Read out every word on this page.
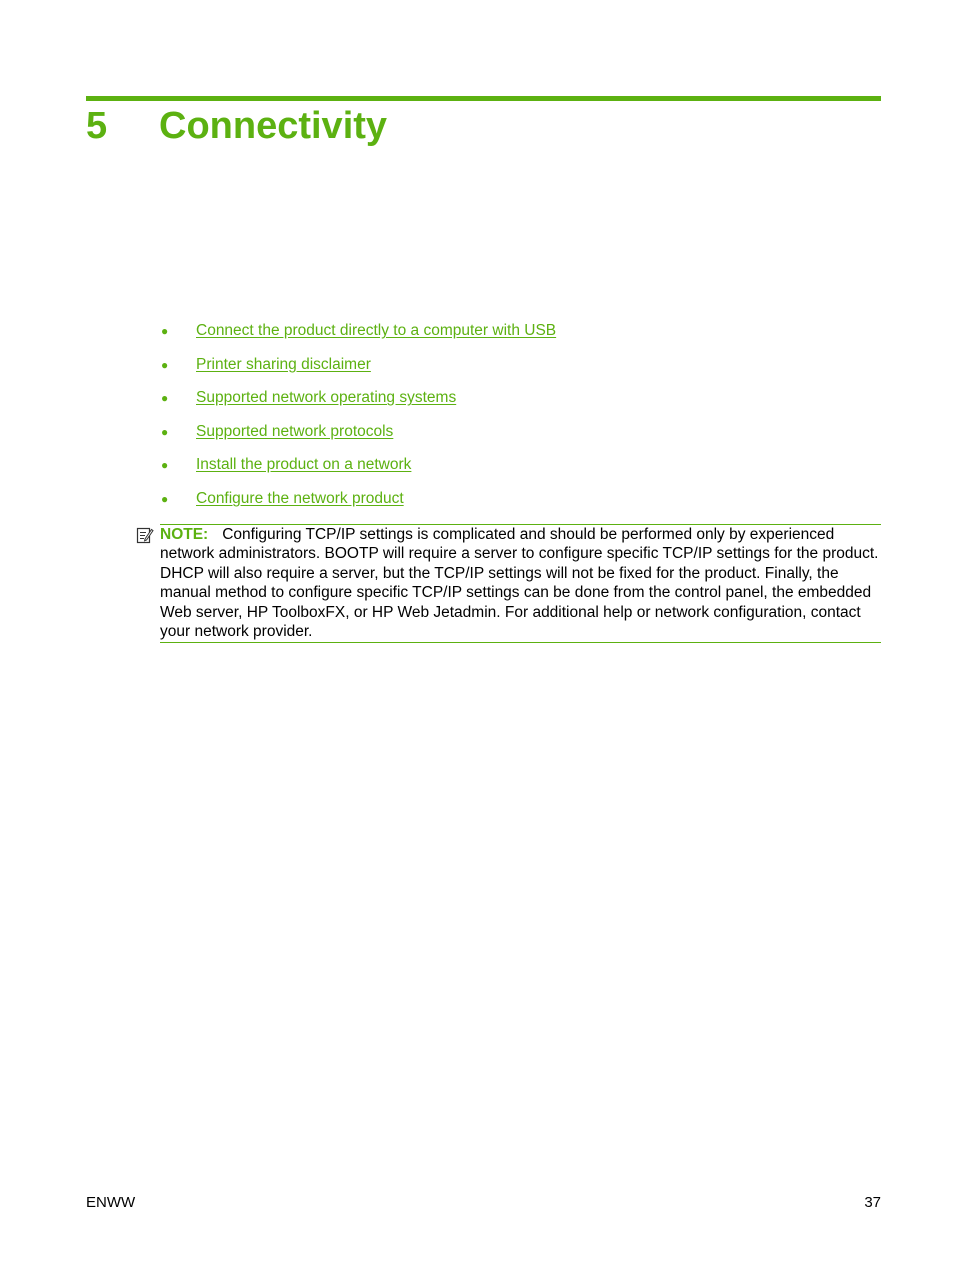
5	Connectivity
●	Connect the product directly to a computer with USB
●	Printer sharing disclaimer
●	Supported network operating systems
●	Supported network protocols
●	Install the product on a network
●	Configure the network product
NOTE: Configuring TCP/IP settings is complicated and should be performed only by experienced network administrators. BOOTP will require a server to configure specific TCP/IP settings for the product. DHCP will also require a server, but the TCP/IP settings will not be fixed for the product. Finally, the manual method to configure specific TCP/IP settings can be done from the control panel, the embedded Web server, HP ToolboxFX, or HP Web Jetadmin. For additional help or network configuration, contact your network provider.
ENWW	37
